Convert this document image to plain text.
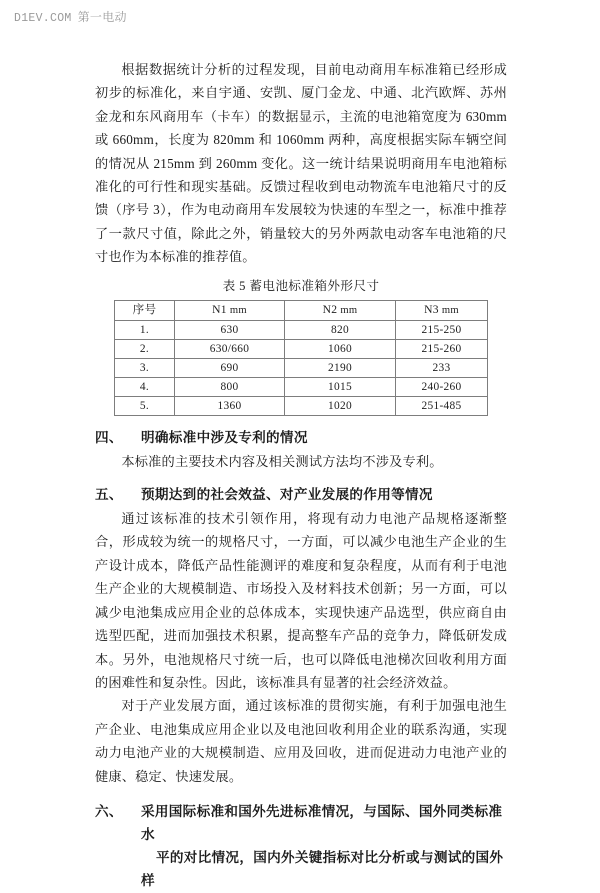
D1EV.COM 第一电动

根据数据统计分析的过程发现，目前电动商用车标准箱已经形成初步的标准化，来自宇通、安凯、厦门金龙、中通、北汽欧辉、苏州金龙和东风商用车（卡车）的数据显示，主流的电池箱宽度为 630mm 或 660mm，长度为 820mm 和 1060mm 两种，高度根据实际车辆空间的情况从 215mm 到 260mm 变化。这一统计结果说明商用车电池箱标准化的可行性和现实基础。反馈过程收到电动物流车电池箱尺寸的反馈（序号 3），作为电动商用车发展较为快速的车型之一，标准中推荐了一款尺寸值，除此之外，销量较大的另外两款电动客车电池箱的尺寸也作为本标准的推荐值。

表 5 蓄电池标准箱外形尺寸
序号	N1 mm	N2 mm	N3 mm
1.	630	820	215-250
2.	630/660	1060	215-260
3.	690	2190	233
4.	800	1015	240-260
5.	1360	1020	251-485
四、	明确标准中涉及专利的情况

本标准的主要技术内容及相关测试方法均不涉及专利。

五、	预期达到的社会效益、对产业发展的作用等情况

通过该标准的技术引领作用，将现有动力电池产品规格逐渐整合，形成较为统一的规格尺寸，一方面，可以减少电池生产企业的生产设计成本，降低产品性能测评的难度和复杂程度，从而有利于电池生产企业的大规模制造、市场投入及材料技术创新；另一方面，可以减少电池集成应用企业的总体成本，实现快速产品选型，供应商自由选型匹配，进而加强技术积累，提高整车产品的竞争力，降低研发成本。另外，电池规格尺寸统一后，也可以降低电池梯次回收利用方面的困难性和复杂性。因此，该标准具有显著的社会经济效益。

对于产业发展方面，通过该标准的贯彻实施，有利于加强电池生产企业、电池集成应用企业以及电池回收利用企业的联系沟通，实现动力电池产业的大规模制造、应用及回收，进而促进动力电池产业的健康、稳定、快速发展。

六、	采用国际标准和国外先进标准情况，与国际、国外同类标准水
平的对比情况，国内外关键指标对比分析或与测试的国外样
